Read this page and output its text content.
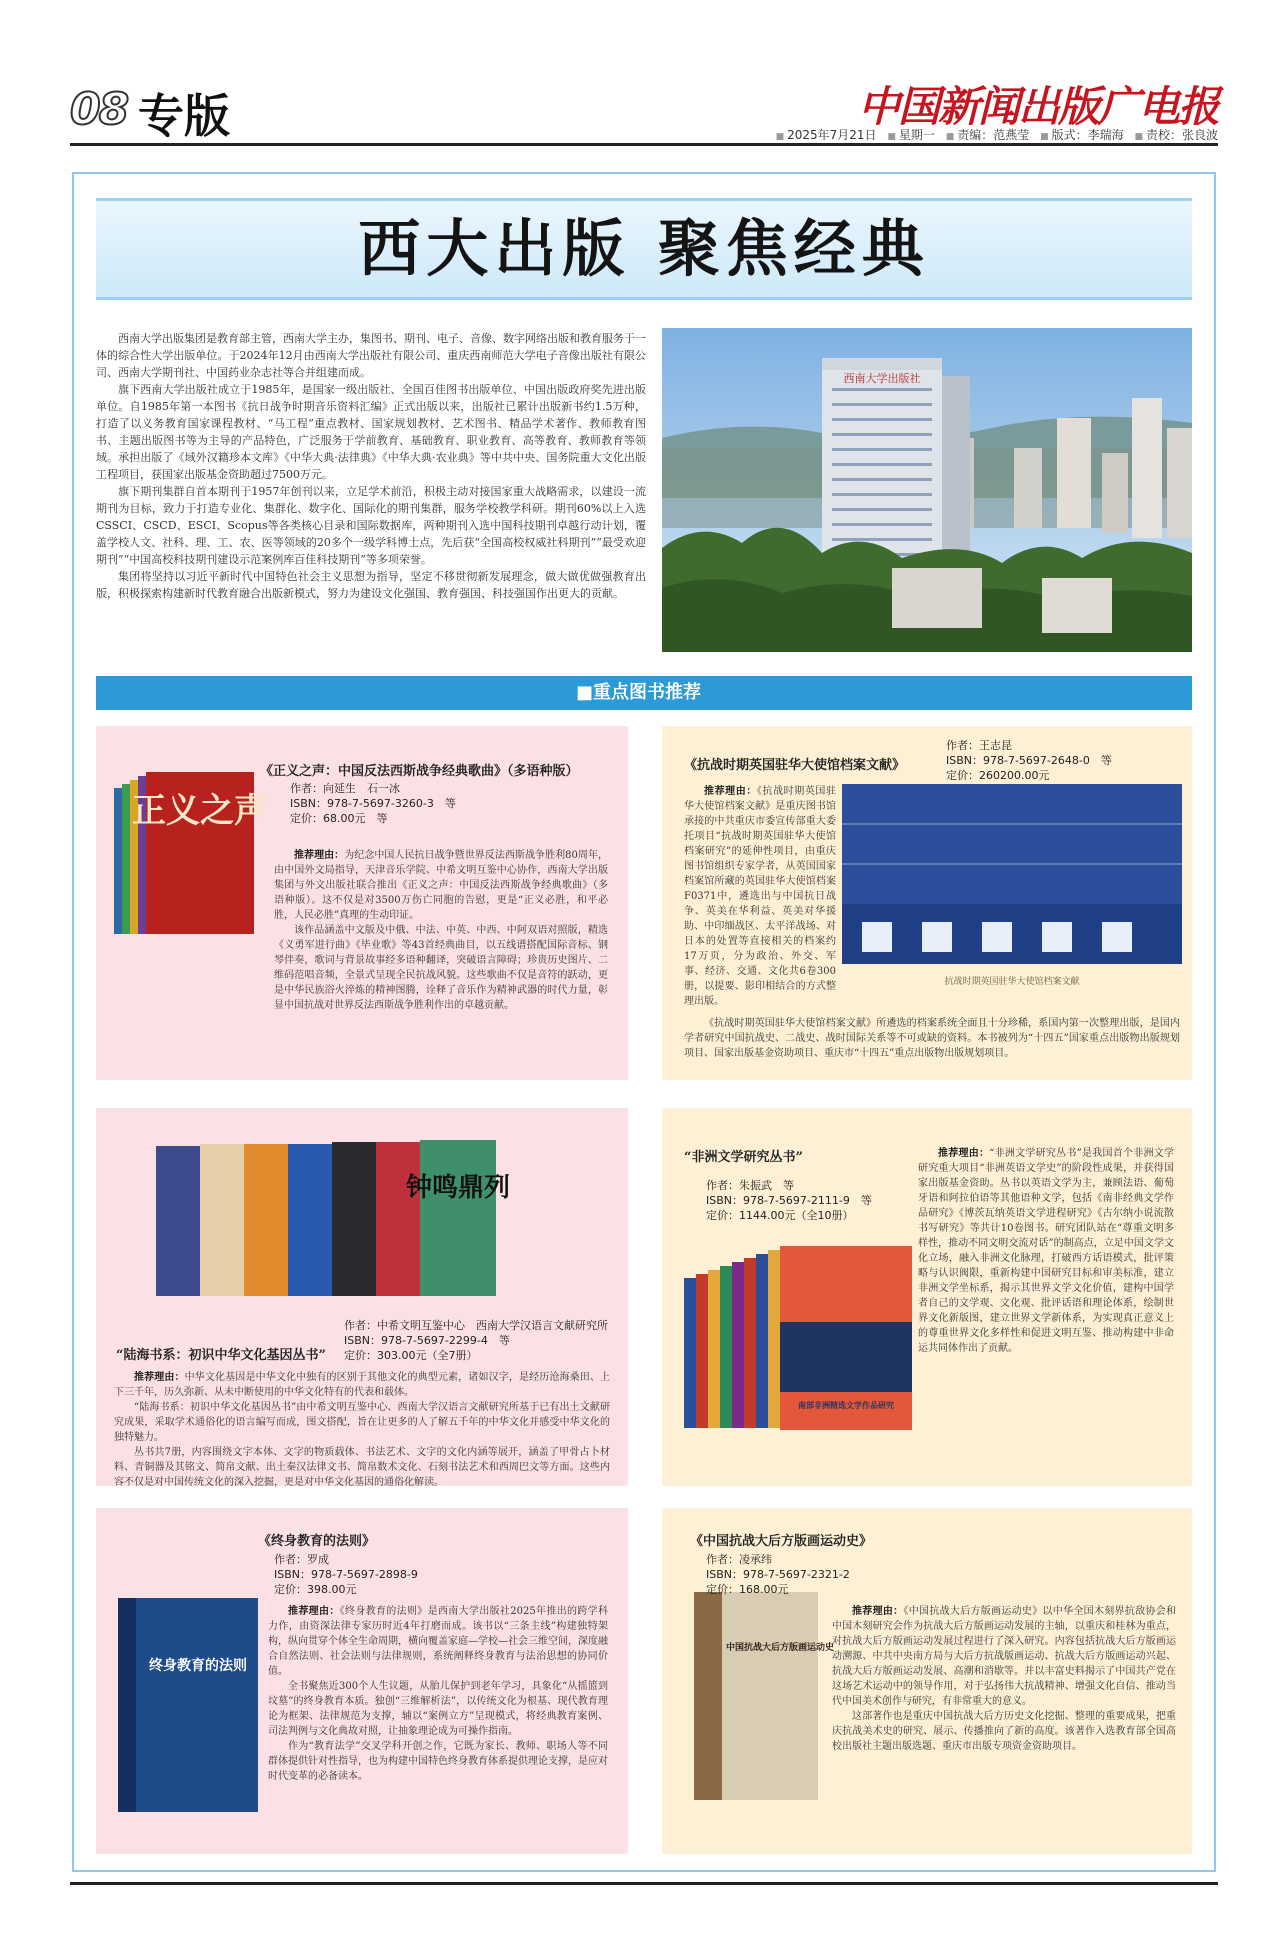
08 专版	中国新闻出版广电报
■ 2025年7月21日 ■ 星期一 ■ 责编：范燕莹 ■ 版式：李瑞海 ■ 责校：张良波
西大出版 聚焦经典

西南大学出版集团是教育部主管，西南大学主办，集图书、期刊、电子、音像、数字网络出版和教育服务于一体的综合性大学出版单位。于2024年12月由西南大学出版社有限公司、重庆西南师范大学电子音像出版社有限公司、西南大学期刊社、中国药业杂志社等合并组建而成。

旗下西南大学出版社成立于1985年，是国家一级出版社、全国百佳图书出版单位、中国出版政府奖先进出版单位。自1985年第一本图书《抗日战争时期音乐资料汇编》正式出版以来，出版社已累计出版新书约1.5万种，打造了以义务教育国家课程教材、“马工程”重点教材、国家规划教材、艺术图书、精品学术著作、教师教育图书、主题出版图书等为主导的产品特色，广泛服务于学前教育、基础教育、职业教育、高等教育、教师教育等领域。承担出版了《域外汉籍珍本文库》《中华大典·法律典》《中华大典·农业典》等中共中央、国务院重大文化出版工程项目，获国家出版基金资助超过7500万元。

旗下期刊集群自首本期刊于1957年创刊以来，立足学术前沿，积极主动对接国家重大战略需求，以建设一流期刊为目标，致力于打造专业化、集群化、数字化、国际化的期刊集群，服务学校教学科研。期刊60%以上入选CSSCI、CSCD、ESCI、Scopus等各类核心目录和国际数据库，两种期刊入选中国科技期刊卓越行动计划，覆盖学校人文、社科、理、工、农、医等领域的20多个一级学科博士点，先后获“全国高校权威社科期刊”“最受欢迎期刊”“中国高校科技期刊建设示范案例库百佳科技期刊”等多项荣誉。

集团将坚持以习近平新时代中国特色社会主义思想为指导，坚定不移贯彻新发展理念，做大做优做强教育出版，积极探索构建新时代教育融合出版新模式，努力为建设文化强国、教育强国、科技强国作出更大的贡献。

西南大学出版社
■重点图书推荐
正义之声
《正义之声：中国反法西斯战争经典歌曲》（多语种版）
作者：向延生　石一冰
ISBN：978-7-5697-3260-3　等
定价：68.00元　等

推荐理由：为纪念中国人民抗日战争暨世界反法西斯战争胜利80周年，由中国外文局指导，天津音乐学院、中希文明互鉴中心协作，西南大学出版集团与外文出版社联合推出《正义之声：中国反法西斯战争经典歌曲》（多语种版）。这不仅是对3500万伤亡同胞的告慰，更是“正义必胜，和平必胜，人民必胜”真理的生动印证。

该作品涵盖中文版及中俄、中法、中英、中西、中阿双语对照版，精选《义勇军进行曲》《毕业歌》等43首经典曲目，以五线谱搭配国际音标、钢琴伴奏，歌词与背景故事经多语种翻译，突破语言障碍；珍贵历史图片、二维码范唱音频，全景式呈现全民抗战风貌。这些歌曲不仅是音符的跃动，更是中华民族浴火淬炼的精神图腾，诠释了音乐作为精神武器的时代力量，彰显中国抗战对世界反法西斯战争胜利作出的卓越贡献。

《抗战时期英国驻华大使馆档案文献》
作者：王志昆
ISBN：978-7-5697-2648-0　等
定价：260200.00元
抗战时期英国驻华大使馆档案文献

推荐理由：《抗战时期英国驻华大使馆档案文献》是重庆图书馆承接的中共重庆市委宣传部重大委托项目“抗战时期英国驻华大使馆档案研究”的延伸性项目，由重庆图书馆组织专家学者，从英国国家档案馆所藏的英国驻华大使馆档案F0371中，遴选出与中国抗日战争、英美在华利益、英美对华援助、中印缅战区、太平洋战场、对日本的处置等直接相关的档案约17万页，分为政治、外交、军事、经济、交通、文化共6卷300册，以提要、影印相结合的方式整理出版。

《抗战时期英国驻华大使馆档案文献》所遴选的档案系统全面且十分珍稀，系国内第一次整理出版，是国内学者研究中国抗战史、二战史、战时国际关系等不可或缺的资料。本书被列为“十四五”国家重点出版物出版规划项目、国家出版基金资助项目、重庆市“十四五”重点出版物出版规划项目。

钟鸣鼎列
“陆海书系：初识中华文化基因丛书”
作者：中希文明互鉴中心　西南大学汉语言文献研究所
ISBN：978-7-5697-2299-4　等
定价：303.00元（全7册）

推荐理由：中华文化基因是中华文化中独有的区别于其他文化的典型元素，诸如汉字，是经历沧海桑田、上下三千年，历久弥新、从未中断使用的中华文化特有的代表和载体。

“陆海书系：初识中华文化基因丛书”由中希文明互鉴中心、西南大学汉语言文献研究所基于已有出土文献研究成果，采取学术通俗化的语言编写而成，图文搭配，旨在让更多的人了解五千年的中华文化并感受中华文化的独特魅力。

丛书共7册，内容围绕文字本体、文字的物质载体、书法艺术、文字的文化内涵等展开，涵盖了甲骨占卜材料、青铜器及其铭文、简帛文献、出土秦汉法律文书、简帛数术文化、石刻书法艺术和西周巴文等方面。这些内容不仅是对中国传统文化的深入挖掘，更是对中华文化基因的通俗化解读。

“非洲文学研究丛书”
作者：朱振武　等
ISBN：978-7-5697-2111-9　等
定价：1144.00元（全10册）
南部非洲精选文学作品研究

推荐理由：“非洲文学研究丛书”是我国首个非洲文学研究重大项目“非洲英语文学史”的阶段性成果，并获得国家出版基金资助。丛书以英语文学为主，兼顾法语、葡萄牙语和阿拉伯语等其他语种文学，包括《南非经典文学作品研究》《博茨瓦纳英语文学进程研究》《古尔纳小说流散书写研究》等共计10卷图书。研究团队站在“尊重文明多样性，推动不同文明交流对话”的制高点，立足中国文学文化立场，融入非洲文化脉理，打破西方话语模式，批评策略与认识阀限，重新构建中国研究目标和审美标准，建立非洲文学坐标系，揭示其世界文学文化价值，建构中国学者自己的文学观、文化观、批评话语和理论体系，绘制世界文化新版图，建立世界文学新体系，为实现真正意义上的尊重世界文化多样性和促进文明互鉴、推动构建中非命运共同体作出了贡献。

终身教育的法则
《终身教育的法则》
作者：罗成
ISBN：978-7-5697-2898-9
定价：398.00元

推荐理由：《终身教育的法则》是西南大学出版社2025年推出的跨学科力作，由资深法律专家历时近4年打磨而成。该书以“三条主线”构建独特架构，纵向贯穿个体全生命周期，横向覆盖家庭—学校—社会三维空间，深度融合自然法则、社会法则与法律规则，系统阐释终身教育与法治思想的协同价值。

全书聚焦近300个人生议题，从胎儿保护到老年学习，具象化“从摇篮到坟墓”的终身教育本质。独创“三维解析法”，以传统文化为根基、现代教育理论为框架、法律规范为支撑，辅以“案例立方”呈现模式，将经典教育案例、司法判例与文化典故对照，让抽象理论成为可操作指南。

作为“教育法学”交叉学科开创之作，它既为家长、教师、职场人等不同群体提供针对性指导，也为构建中国特色终身教育体系提供理论支撑，是应对时代变革的必备读本。

中国抗战大后方版画运动史
《中国抗战大后方版画运动史》
作者：凌承纬
ISBN：978-7-5697-2321-2
定价：168.00元

推荐理由：《中国抗战大后方版画运动史》以中华全国木刻界抗敌协会和中国木刻研究会作为抗战大后方版画运动发展的主轴，以重庆和桂林为重点，对抗战大后方版画运动发展过程进行了深入研究。内容包括抗战大后方版画运动溯源、中共中央南方局与大后方抗战版画运动、抗战大后方版画运动兴起、抗战大后方版画运动发展、高潮和消歇等。并以丰富史料揭示了中国共产党在这场艺术运动中的领导作用，对于弘扬伟大抗战精神、增强文化自信、推动当代中国美术创作与研究，有非常重大的意义。

这部著作也是重庆中国抗战大后方历史文化挖掘、整理的重要成果，把重庆抗战美术史的研究、展示、传播推向了新的高度。该著作入选教育部全国高校出版社主题出版选题、重庆市出版专项资金资助项目。
